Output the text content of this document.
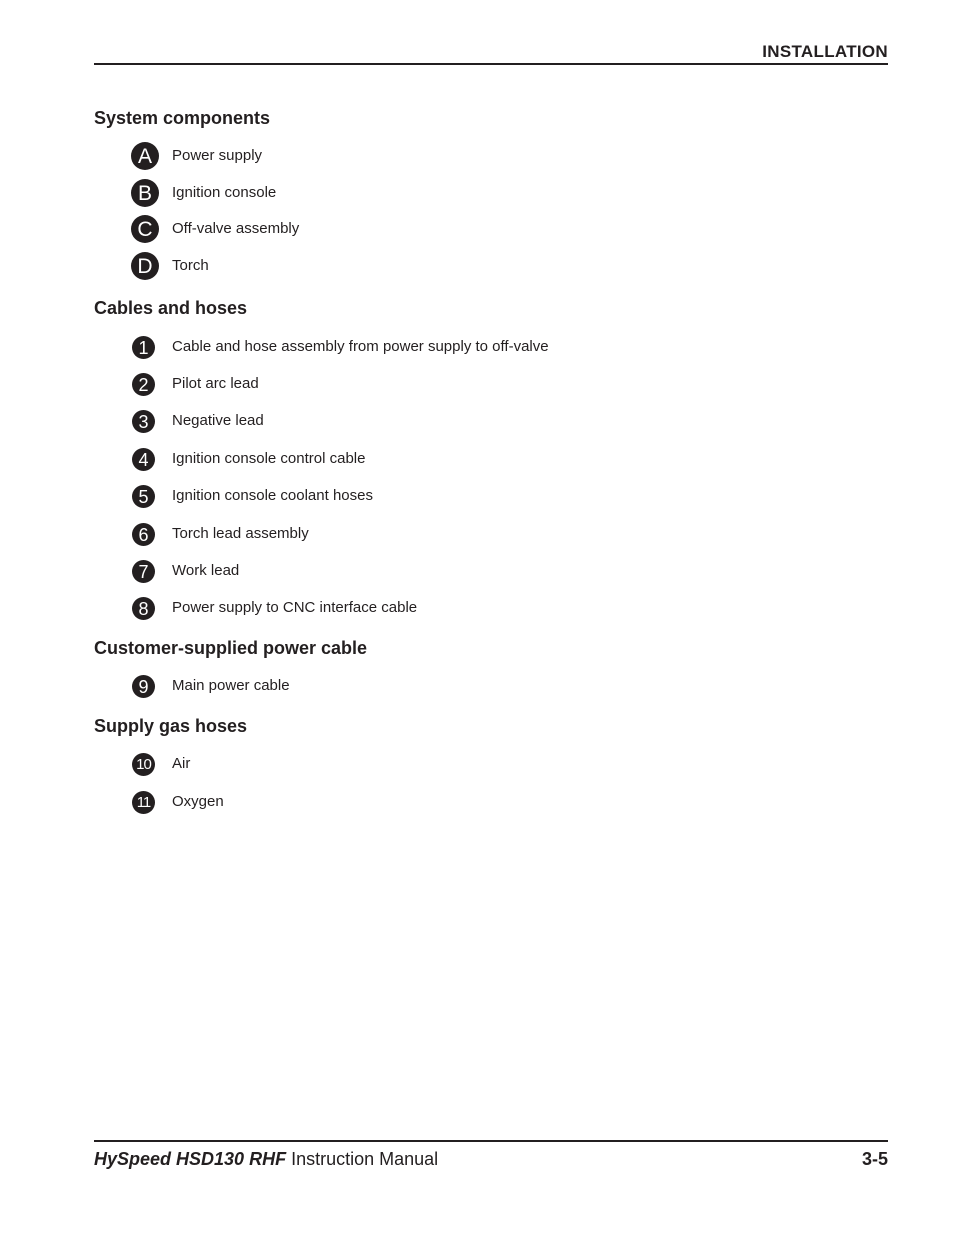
INSTALLATION
System components
A	Power supply
B	Ignition console
C	Off-valve assembly
D	Torch
Cables and hoses
1	Cable and hose assembly from power supply to off-valve
2	Pilot arc lead
3	Negative lead
4	Ignition console control cable
5	Ignition console coolant hoses
6	Torch lead assembly
7	Work lead
8	Power supply to CNC interface cable
Customer-supplied power cable
9	Main power cable
Supply gas hoses
10 Air
11	Oxygen
HySpeed HSD130 RHF Instruction Manual	3-5
